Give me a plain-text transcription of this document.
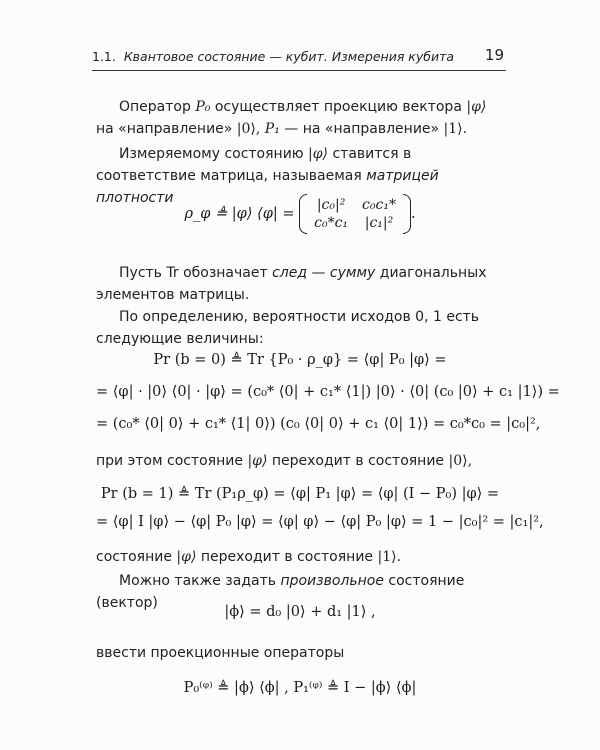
1.1. Квантовое состояние — кубит. Измерения кубита 19
Оператор P₀ осуществляет проекцию вектора |φ⟩ на «направление» |0⟩, P₁ — на «направление» |1⟩.
Измеряемому состоянию |φ⟩ ставится в соответствие матрица, называемая матрицей плотности
ρ_φ ≜ |φ⟩ ⟨φ| =
|c₀|²	c₀c₁*
c₀*c₁	|c₁|²
.
Пусть Tr обозначает след — сумму диагональных элементов матрицы.
По определению, вероятности исходов 0, 1 есть следующие величины:
Pr (b = 0) ≜ Tr {P₀ · ρ_φ} = ⟨φ| P₀ |φ⟩ =
= ⟨φ| · |0⟩ ⟨0| · |φ⟩ = (c₀* ⟨0| + c₁* ⟨1|) |0⟩ · ⟨0| (c₀ |0⟩ + c₁ |1⟩) =
= (c₀* ⟨0| 0⟩ + c₁* ⟨1| 0⟩) (c₀ ⟨0| 0⟩ + c₁ ⟨0| 1⟩) = c₀*c₀ = |c₀|²,
при этом состояние |φ⟩ переходит в состояние |0⟩,
Pr (b = 1) ≜ Tr (P₁ρ_φ) = ⟨φ| P₁ |φ⟩ = ⟨φ| (I − P₀) |φ⟩ =
= ⟨φ| I |φ⟩ − ⟨φ| P₀ |φ⟩ = ⟨φ| φ⟩ − ⟨φ| P₀ |φ⟩ = 1 − |c₀|² = |c₁|²,
состояние |φ⟩ переходит в состояние |1⟩.
Можно также задать произвольное состояние (вектор)
|ϕ⟩ = d₀ |0⟩ + d₁ |1⟩ ,
ввести проекционные операторы
P₀⁽ᵠ⁾ ≜ |ϕ⟩ ⟨ϕ| , P₁⁽ᵠ⁾ ≜ I − |ϕ⟩ ⟨ϕ|
